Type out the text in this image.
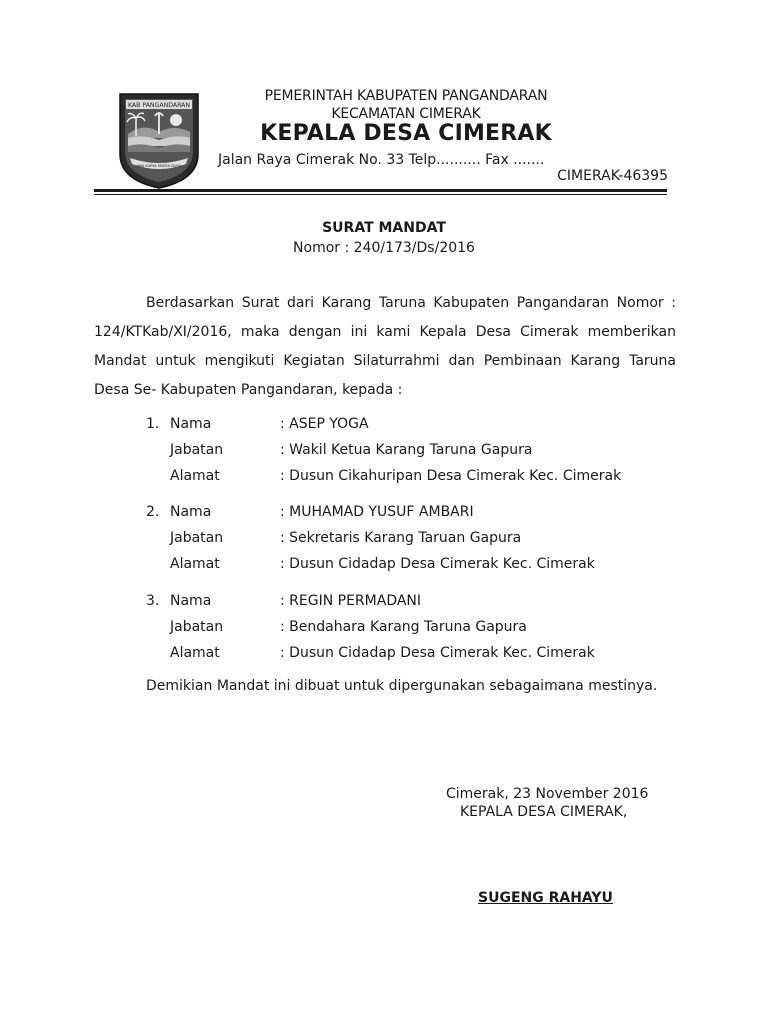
KAB PANGANDARAN
JAYA KARYA MARTA DUSA
PEMERINTAH KABUPATEN PANGANDARAN
KECAMATAN CIMERAK
KEPALA DESA CIMERAK
Jalan Raya Cimerak No. 33 Telp.......... Fax .......
CIMERAK-46395
SURAT MANDAT
Nomor : 240/173/Ds/2016

Berdasarkan Surat dari Karang Taruna Kabupaten Pangandaran Nomor : 124/KTKab/XI/2016, maka dengan ini kami Kepala Desa Cimerak memberikan Mandat untuk mengikuti Kegiatan Silaturrahmi dan Pembinaan Karang Taruna Desa Se- Kabupaten Pangandaran, kepada :

1. Nama	: ASEP YOGA
Jabatan	: Wakil Ketua Karang Taruna Gapura
Alamat	: Dusun Cikahuripan Desa Cimerak Kec. Cimerak
2. Nama	: MUHAMAD YUSUF AMBARI
Jabatan	: Sekretaris Karang Taruan Gapura
Alamat	: Dusun Cidadap Desa Cimerak Kec. Cimerak
3. Nama	: REGIN PERMADANI
Jabatan	: Bendahara Karang Taruna Gapura
Alamat	: Dusun Cidadap Desa Cimerak Kec. Cimerak
Demikian Mandat ini dibuat untuk dipergunakan sebagaimana mestinya.
Cimerak, 23 November 2016
KEPALA DESA CIMERAK,
SUGENG RAHAYU
